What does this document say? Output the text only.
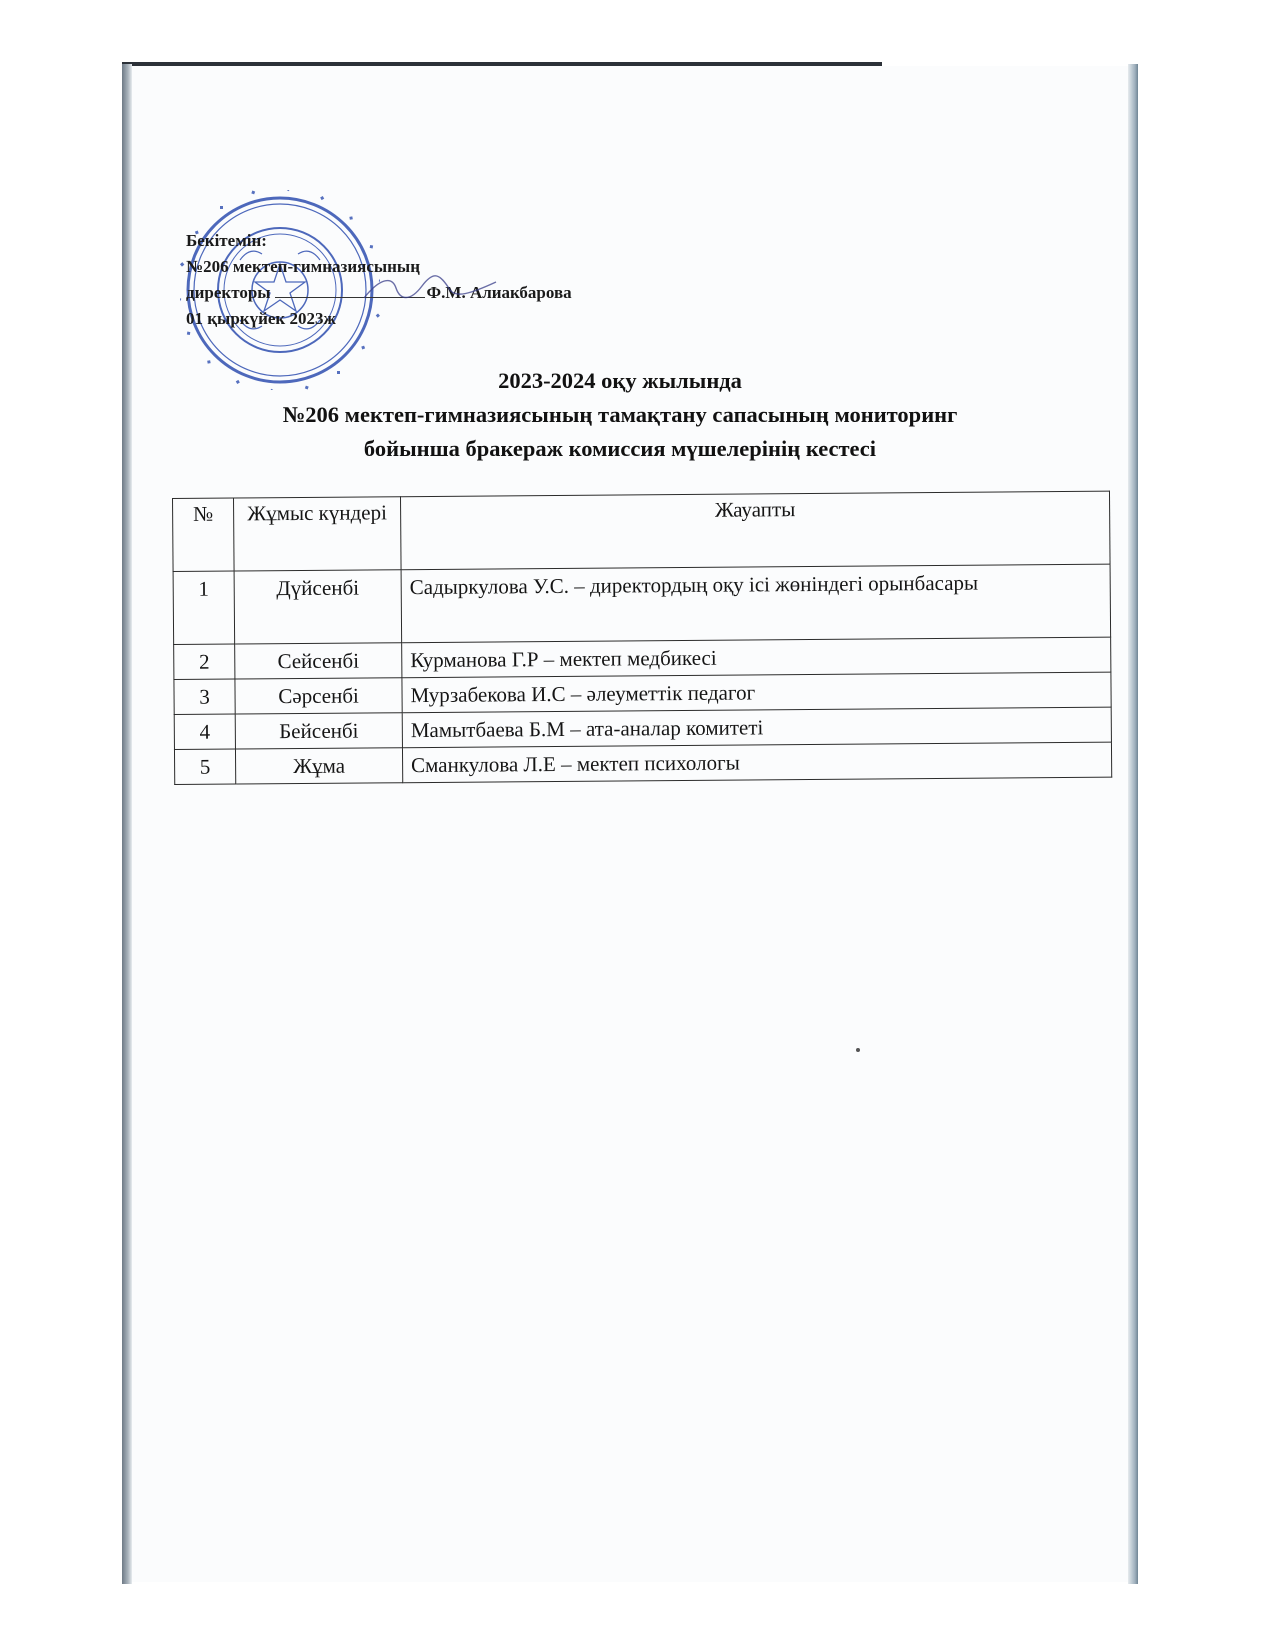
Бекітемін:
№206 мектеп-гимназиясының
директоры	Ф.М. Алиакбарова
01 қыркүйек 2023ж
2023-2024 оқу жылында
№206 мектеп-гимназиясының тамақтану сапасының мониторинг
бойынша бракераж комиссия мүшелерінің кестесі
№	Жұмыс күндері	Жауапты
1	Дүйсенбі	Садыркулова У.С. – директордың оқу ісі жөніндегі орынбасары
2	Сейсенбі	Курманова Г.Р – мектеп медбикесі
3	Сәрсенбі	Мурзабекова И.С – әлеуметтік педагог
4	Бейсенбі	Мамытбаева Б.М – ата-аналар комитеті
5	Жұма	Сманкулова Л.Е – мектеп психологы
